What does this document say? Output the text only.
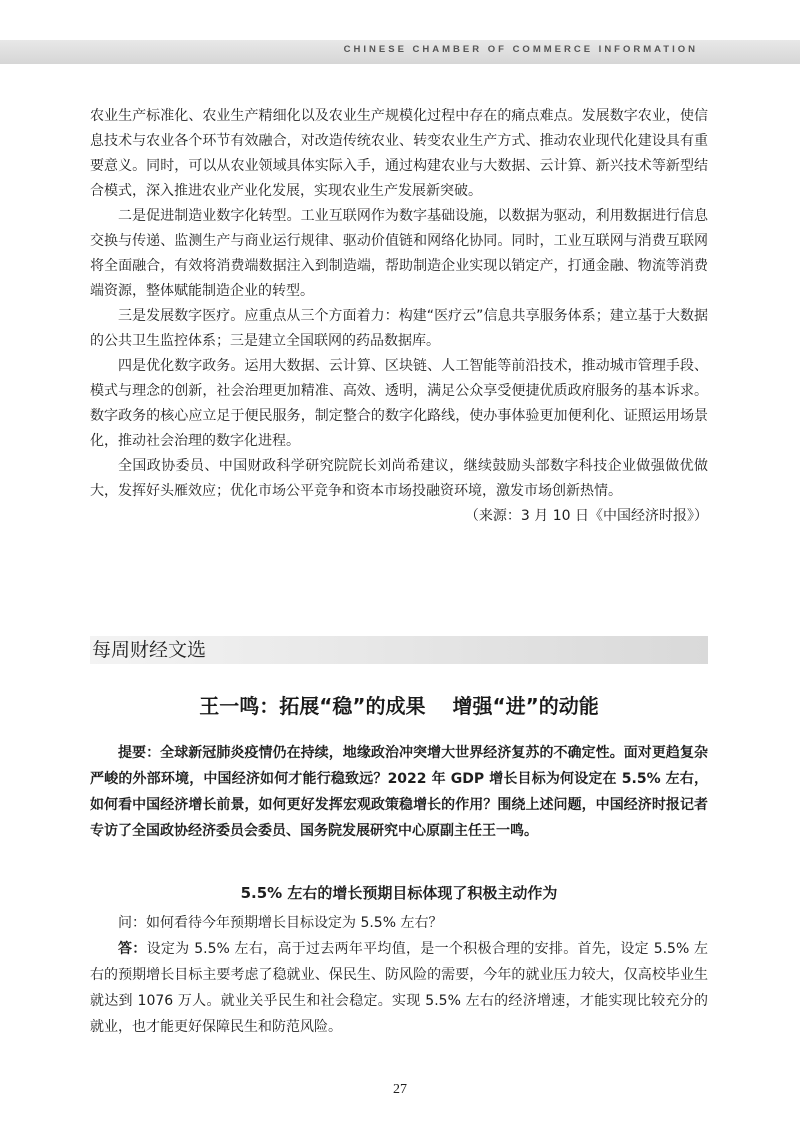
CHINESE CHAMBER OF COMMERCE INFORMATION

农业生产标准化、农业生产精细化以及农业生产规模化过程中存在的痛点难点。发展数字农业，使信息技术与农业各个环节有效融合，对改造传统农业、转变农业生产方式、推动农业现代化建设具有重要意义。同时，可以从农业领域具体实际入手，通过构建农业与大数据、云计算、新兴技术等新型结合模式，深入推进农业产业化发展，实现农业生产发展新突破。

二是促进制造业数字化转型。工业互联网作为数字基础设施，以数据为驱动，利用数据进行信息交换与传递、监测生产与商业运行规律、驱动价值链和网络化协同。同时，工业互联网与消费互联网将全面融合，有效将消费端数据注入到制造端，帮助制造企业实现以销定产，打通金融、物流等消费端资源，整体赋能制造企业的转型。

三是发展数字医疗。应重点从三个方面着力：构建“医疗云”信息共享服务体系；建立基于大数据的公共卫生监控体系；三是建立全国联网的药品数据库。

四是优化数字政务。运用大数据、云计算、区块链、人工智能等前沿技术，推动城市管理手段、模式与理念的创新，社会治理更加精准、高效、透明，满足公众享受便捷优质政府服务的基本诉求。数字政务的核心应立足于便民服务，制定整合的数字化路线，使办事体验更加便利化、证照运用场景化，推动社会治理的数字化进程。

全国政协委员、中国财政科学研究院院长刘尚希建议，继续鼓励头部数字科技企业做强做优做大，发挥好头雁效应；优化市场公平竞争和资本市场投融资环境，激发市场创新热情。

（来源：3 月 10 日《中国经济时报》）

每周财经文选
王一鸣：拓展“稳”的成果　 增强“进”的动能

提要：全球新冠肺炎疫情仍在持续，地缘政治冲突增大世界经济复苏的不确定性。面对更趋复杂严峻的外部环境，中国经济如何才能行稳致远？2022 年 GDP 增长目标为何设定在 5.5% 左右，如何看中国经济增长前景，如何更好发挥宏观政策稳增长的作用？围绕上述问题，中国经济时报记者专访了全国政协经济委员会委员、国务院发展研究中心原副主任王一鸣。

5.5% 左右的增长预期目标体现了积极主动作为

问：如何看待今年预期增长目标设定为 5.5% 左右？

答：设定为 5.5% 左右，高于过去两年平均值，是一个积极合理的安排。首先，设定 5.5% 左右的预期增长目标主要考虑了稳就业、保民生、防风险的需要，今年的就业压力较大，仅高校毕业生就达到 1076 万人。就业关乎民生和社会稳定。实现 5.5% 左右的经济增速，才能实现比较充分的就业，也才能更好保障民生和防范风险。

27
